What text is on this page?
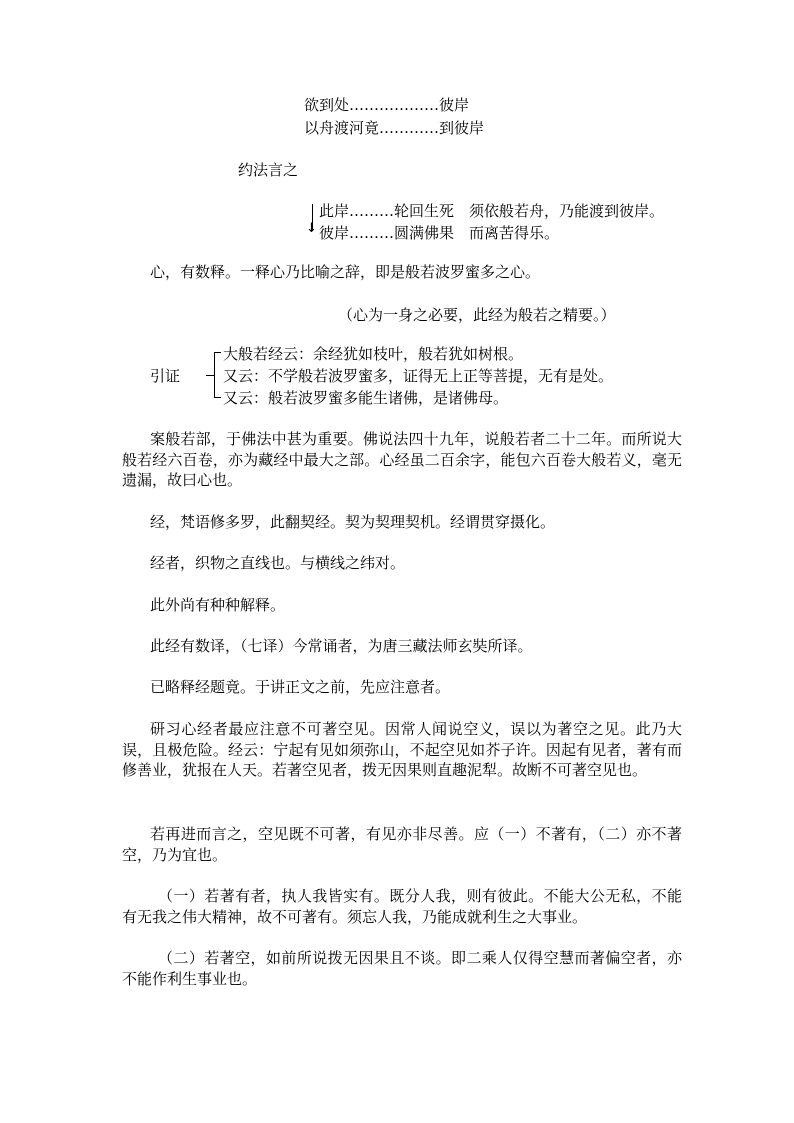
欲到处………………彼岸
以舟渡河竟…………到彼岸
约法言之
↓
此岸………轮回生死　须依般若舟，乃能渡到彼岸。
彼岸………圆满佛果　而离苦得乐。
心，有数释。一释心乃比喻之辞，即是般若波罗蜜多之心。
（心为一身之必要，此经为般若之精要。）
引证
大般若经云：余经犹如枝叶，般若犹如树根。
又云：不学般若波罗蜜多，证得无上正等菩提，无有是处。
又云：般若波罗蜜多能生诸佛，是诸佛母。
案般若部，于佛法中甚为重要。佛说法四十九年，说般若者二十二年。而所说大般若经六百卷，亦为藏经中最大之部。心经虽二百余字，能包六百卷大般若义，毫无遗漏，故曰心也。
经，梵语修多罗，此翻契经。契为契理契机。经谓贯穿摄化。
经者，织物之直线也。与横线之纬对。
此外尚有种种解释。
此经有数译，（七译）今常诵者，为唐三藏法师玄奘所译。
已略释经题竟。于讲正文之前，先应注意者。
研习心经者最应注意不可著空见。因常人闻说空义，误以为著空之见。此乃大误，且极危险。经云：宁起有见如须弥山，不起空见如芥子许。因起有见者，著有而修善业，犹报在人天。若著空见者，拨无因果则直趣泥犁。故断不可著空见也。
若再进而言之，空见既不可著，有见亦非尽善。应（一）不著有，（二）亦不著空，乃为宜也。
（一）若著有者，执人我皆实有。既分人我，则有彼此。不能大公无私，不能有无我之伟大精神，故不可著有。须忘人我，乃能成就利生之大事业。
（二）若著空，如前所说拨无因果且不谈。即二乘人仅得空慧而著偏空者，亦不能作利生事业也。
